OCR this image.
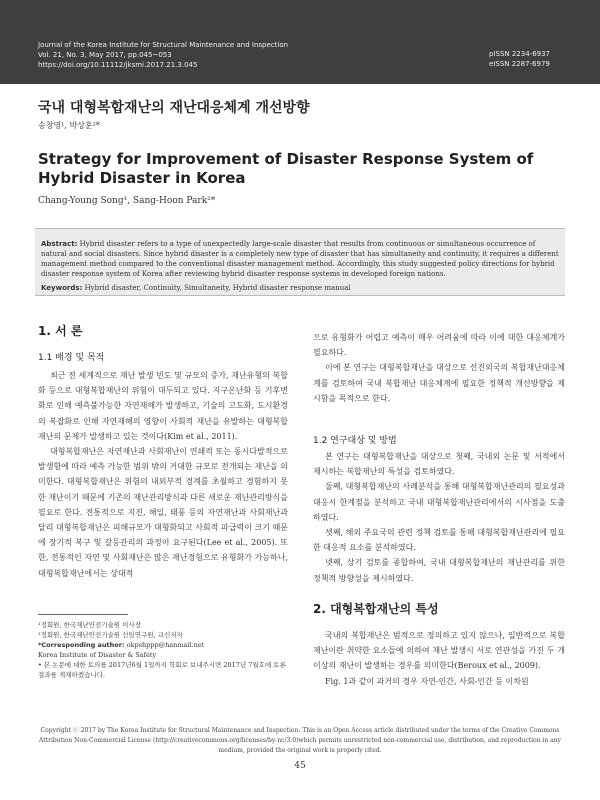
Journal of the Korea Institute for Structural Maintenance and Inspection
Vol. 21, No. 3, May 2017, pp.045~053
https://doi.org/10.11112/jksmi.2017.21.3.045
pISSN 2234-6937
eISSN 2287-6979
국내 대형복합재난의 재난대응체계 개선방향
송창영¹, 박상훈²*
Strategy for Improvement of Disaster Response System of Hybrid Disaster in Korea
Chang-Young Song¹, Sang-Hoon Park²*
Abstract: Hybrid disaster refers to a type of unexpectedly large-scale disaster that results from continuous or simultaneous occurrence of natural and social disasters. Since hybrid disaster is a completely new type of disaster that has simultaneity and continuity, it requires a different management method compared to the conventional disaster management method. Accordingly, this study suggested policy directions for hybrid disaster response system of Korea after reviewing hybrid disaster response systems in developed foreign nations.
Keywords: Hybrid disaster, Continuity, Simultaneity, Hybrid disaster response manual
1. 서 론
1.1 배경 및 목적

최근 전 세계적으로 재난 발생 빈도 및 규모의 증가, 재난유형의 복합화 등으로 대형복합재난의 위험이 대두되고 있다. 지구온난화 등 기후변화로 인해 예측불가능한 자연재해가 발생하고, 기술의 고도화, 도시환경의 복잡화로 인해 자연재해의 영향이 사회적 재난을 유발하는 대형복합재난의 문제가 발생하고 있는 것이다(Kim et al., 2011).

대형복합재난은 자연재난과 사회재난이 연쇄적 또는 동시다발적으로 발생함에 따라 예측 가능한 범위 밖의 거대한 규모로 전개되는 재난을 의미한다. 대형복합재난은 위험의 내외부적 경계를 초월하고 경험하지 못한 재난이기 때문에 기존의 재난관리방식과 다른 새로운 재난관리방식을 필요로 한다. 전통적으로 지진, 해일, 태풍 등의 자연재난과 사회재난과 달리 대형복합재난은 피해규모가 대형화되고 사회적 파급력이 크기 때문에 장기적 복구 및 갈등관리의 과정이 요구된다(Lee et al., 2005). 또한, 전통적인 자연 및 사회재난은 많은 재난경험으로 유형화가 가능하나, 대형복합재난에서는 상대적

으로 유형화가 어렵고 예측이 매우 어려움에 따라 이에 대한 대응체계가 필요하다.

이에 본 연구는 대형복합재난을 대상으로 선진외국의 복합재난대응체계를 검토하여 국내 복합재난 대응체계에 필요한 정책적 개선방향을 제시함을 목적으로 한다.

1.2 연구대상 및 방법

본 연구는 대형복합재난을 대상으로 첫째, 국내외 논문 및 서적에서 제시하는 복합재난의 특성을 검토하였다.

둘째, 대형복합재난의 사례분석을 통해 대형복합재난관리의 필요성과 대응시 한계점을 분석하고 국내 대형복합재난관리에서의 시사점을 도출하였다.

셋째, 해외 주요국의 관련 정책 검토를 통해 대형복합재난관리에 필요한 대응적 요소를 분석하였다.

넷째, 상기 검토를 종합하여, 국내 대형복합재난의 재난관리를 위한 정책적 방향성을 제시하였다.

2. 대형복합재난의 특성

국내의 복합재난은 범적으로 정의하고 있지 않으나, 일반적으로 복합재난이란 취약한 요소들에 의하여 재난 발생시 서로 연관성을 가진 두 개 이상의 재난이 발생하는 경우를 의미한다(Beroux et al., 2009).

Fig. 1과 같이 과거의 경우 자연-인간, 사회-인간 등 이차원

¹정회원, 한국재난안전기술원 이사장
²정회원, 한국재난안전기술원 선임연구원, 교신저자
*Corresponding author: okpshppp@hanmail.net
Korea Institute of Disaster & Safety
• 본 논문에 대한 토의를 2017년6월 1일까지 학회로 보내주시면 2017년 7월호에 토론결과를 게재하겠습니다.
Copyright ⓒ 2017 by The Korea Institute for Structural Maintenance and Inspection. This is an Open Access article distributed under the terms of the Creative Commons Attribution Non-Commercial License (http://creativecommons.org/licenses/by-nc/3.0)which permits unrestricted non-commercial use, distribution, and reproduction in any medium, provided the original work is properly cited.
45
